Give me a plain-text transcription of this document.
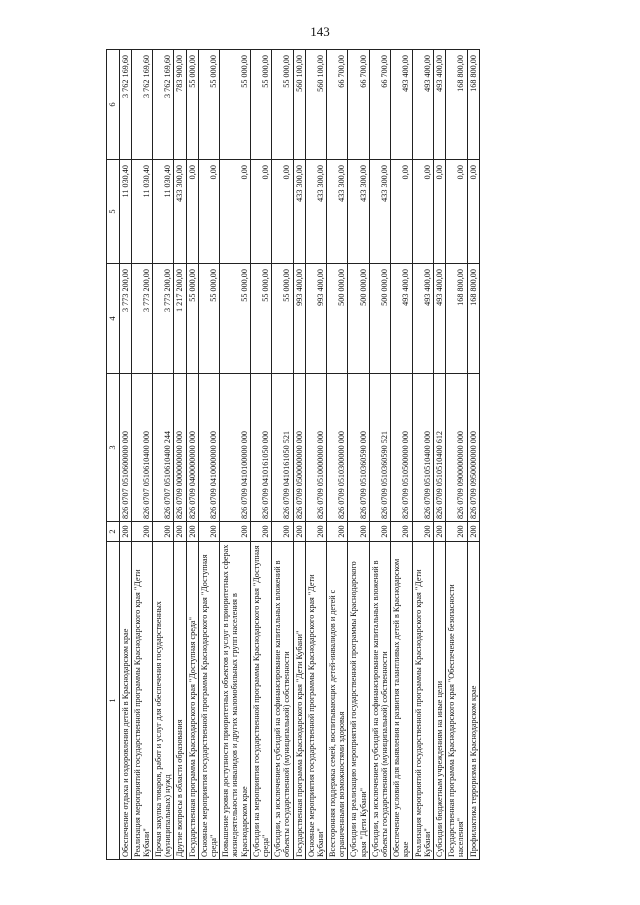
143
1	2	3	4	5	6
Обеспечение отдыха и оздоровления детей в Краснодарском крае	200	826 0707 0510600000 000	3 773 200,00	11 030,40	3 762 169,60
Реализация мероприятий государственной программы Краснодарского края "Дети Кубани"	200	826 0707 0510610400 000	3 773 200,00	11 030,40	3 762 169,60
Прочая закупка товаров, работ и услуг для обеспечения государственных (муниципальных) нужд	200	826 0707 0510610400 244	3 773 200,00	11 030,40	3 762 169,60
Другие вопросы в области образования	200	826 0709 0000000000 000	1 217 200,00	433 300,00	783 900,00
Государственная программа Краснодарского края "Доступная среда"	200	826 0709 0400000000 000	55 000,00	0,00	55 000,00
Основные мероприятия государственной программы Краснодарского края "Доступная среда"	200	826 0709 0410000000 000	55 000,00	0,00	55 000,00
Повышение уровня доступности приоритетных объектов и услуг в приоритетных сферах жизнедеятельности инвалидов и других маломобильных групп населения в Краснодарском крае	200	826 0709 0410100000 000	55 000,00	0,00	55 000,00
Субсидии на мероприятия государственной программы Краснодарского края "Доступная среда"	200	826 0709 0410161050 000	55 000,00	0,00	55 000,00
Субсидии, за исключением субсидий на софинансирование капитальных вложений в объекты государственной (муниципальной) собственности	200	826 0709 0410161050 521	55 000,00	0,00	55 000,00
Государственная программа Краснодарского края "Дети Кубани"	200	826 0709 0500000000 000	993 400,00	433 300,00	560 100,00
Основные мероприятия государственной программы Краснодарского края "Дети Кубани"	200	826 0709 0510000000 000	993 400,00	433 300,00	560 100,00
Всесторонняя поддержка семей, воспитывающих детей-инвалидов и детей с ограниченными возможностями здоровья	200	826 0709 0510300000 000	500 000,00	433 300,00	66 700,00
Субсидии на реализацию мероприятий государственной программы Краснодарского края "Дети Кубани"	200	826 0709 0510360590 000	500 000,00	433 300,00	66 700,00
Субсидии, за исключением субсидий на софинансирование капитальных вложений в объекты государственной (муниципальной) собственности	200	826 0709 0510360590 521	500 000,00	433 300,00	66 700,00
Обеспечение условий для выявления и развития талантливых детей в Краснодарском крае	200	826 0709 0510500000 000	493 400,00	0,00	493 400,00
Реализация мероприятий государственной программы Краснодарского края "Дети Кубани"	200	826 0709 0510510400 000	493 400,00	0,00	493 400,00
Субсидии бюджетным учреждениям на иные цели	200	826 0709 0510510400 612	493 400,00	0,00	493 400,00
Государственная программа Краснодарского края "Обеспечение безопасности населения"	200	826 0709 0900000000 000	168 800,00	0,00	168 800,00
Профилактика терроризма в Краснодарском крае	200	826 0709 0950000000 000	168 800,00	0,00	168 800,00
